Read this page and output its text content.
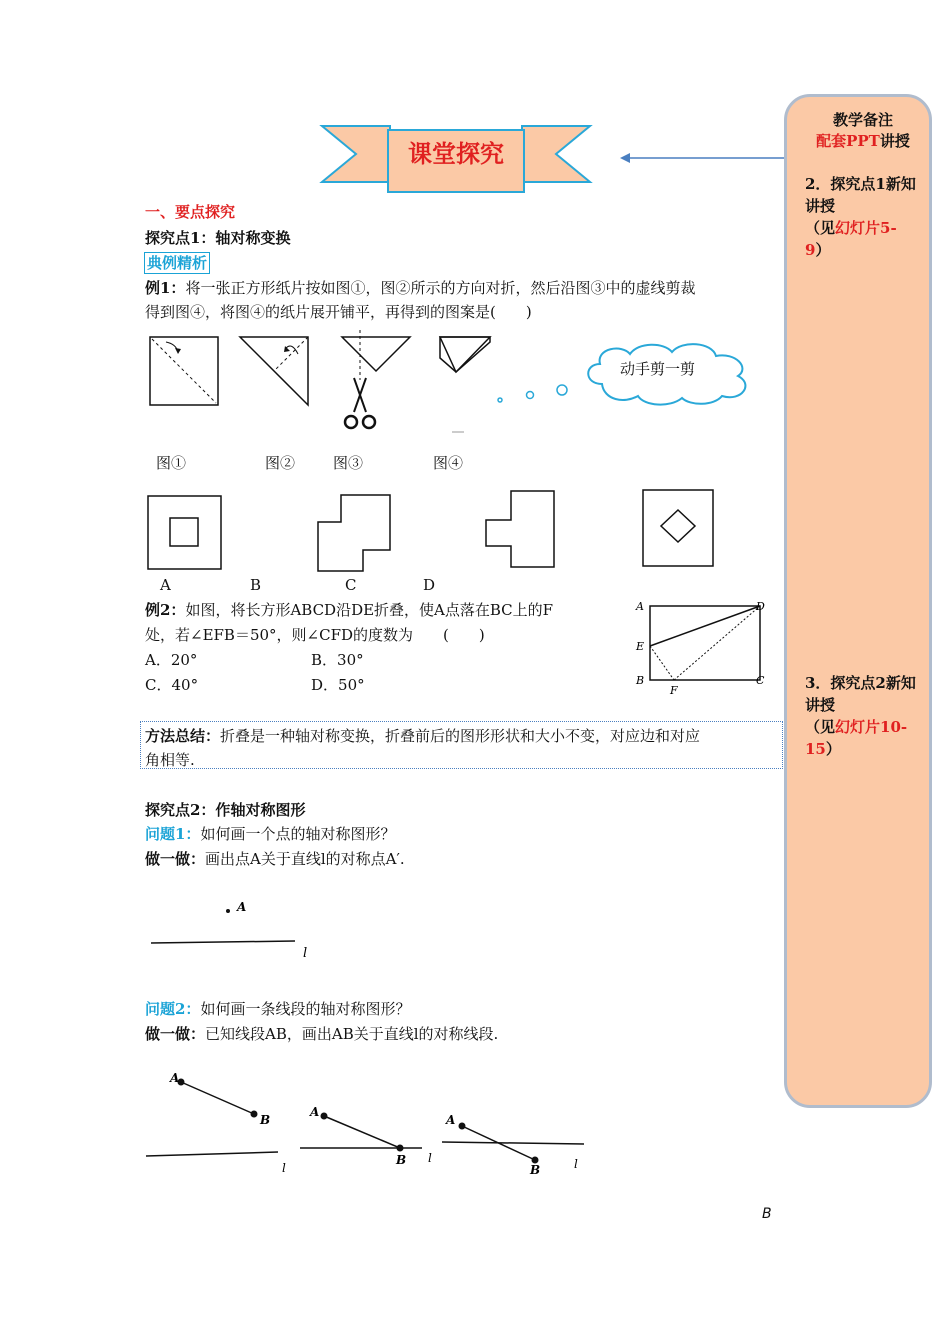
课堂探究
教学备注
配套PPT讲授
2．探究点1新知讲授
（见幻灯片5-9）
3．探究点2新知讲授
（见幻灯片10-15）
一、要点探究
探究点1：轴对称变换
典例精析
例1：将一张正方形纸片按如图①，图②所示的方向对折，然后沿图③中的虚线剪裁
得到图④，将图④的纸片展开铺平，再得到的图案是(　　)
动手剪一剪
图①	图②	图③	图④
A	B	C	D
例2：如图，将长方形ABCD沿DE折叠，使A点落在BC上的F
处，若∠EFB＝50°，则∠CFD的度数为　　(　　)
A．20°	B．30°
C．40°	D．50°
A	D
E
B
F
C
方法总结：折叠是一种轴对称变换，折叠前后的图形形状和大小不变，对应边和对应
角相等.
探究点2：作轴对称图形
问题1：如何画一个点的轴对称图形？
做一做：画出点A关于直线l的对称点A′.
A
l
问题2：如何画一条线段的轴对称图形？
做一做：已知线段AB，画出AB关于直线l的对称线段.
A
B
l
A
B l
A
B	l
B
